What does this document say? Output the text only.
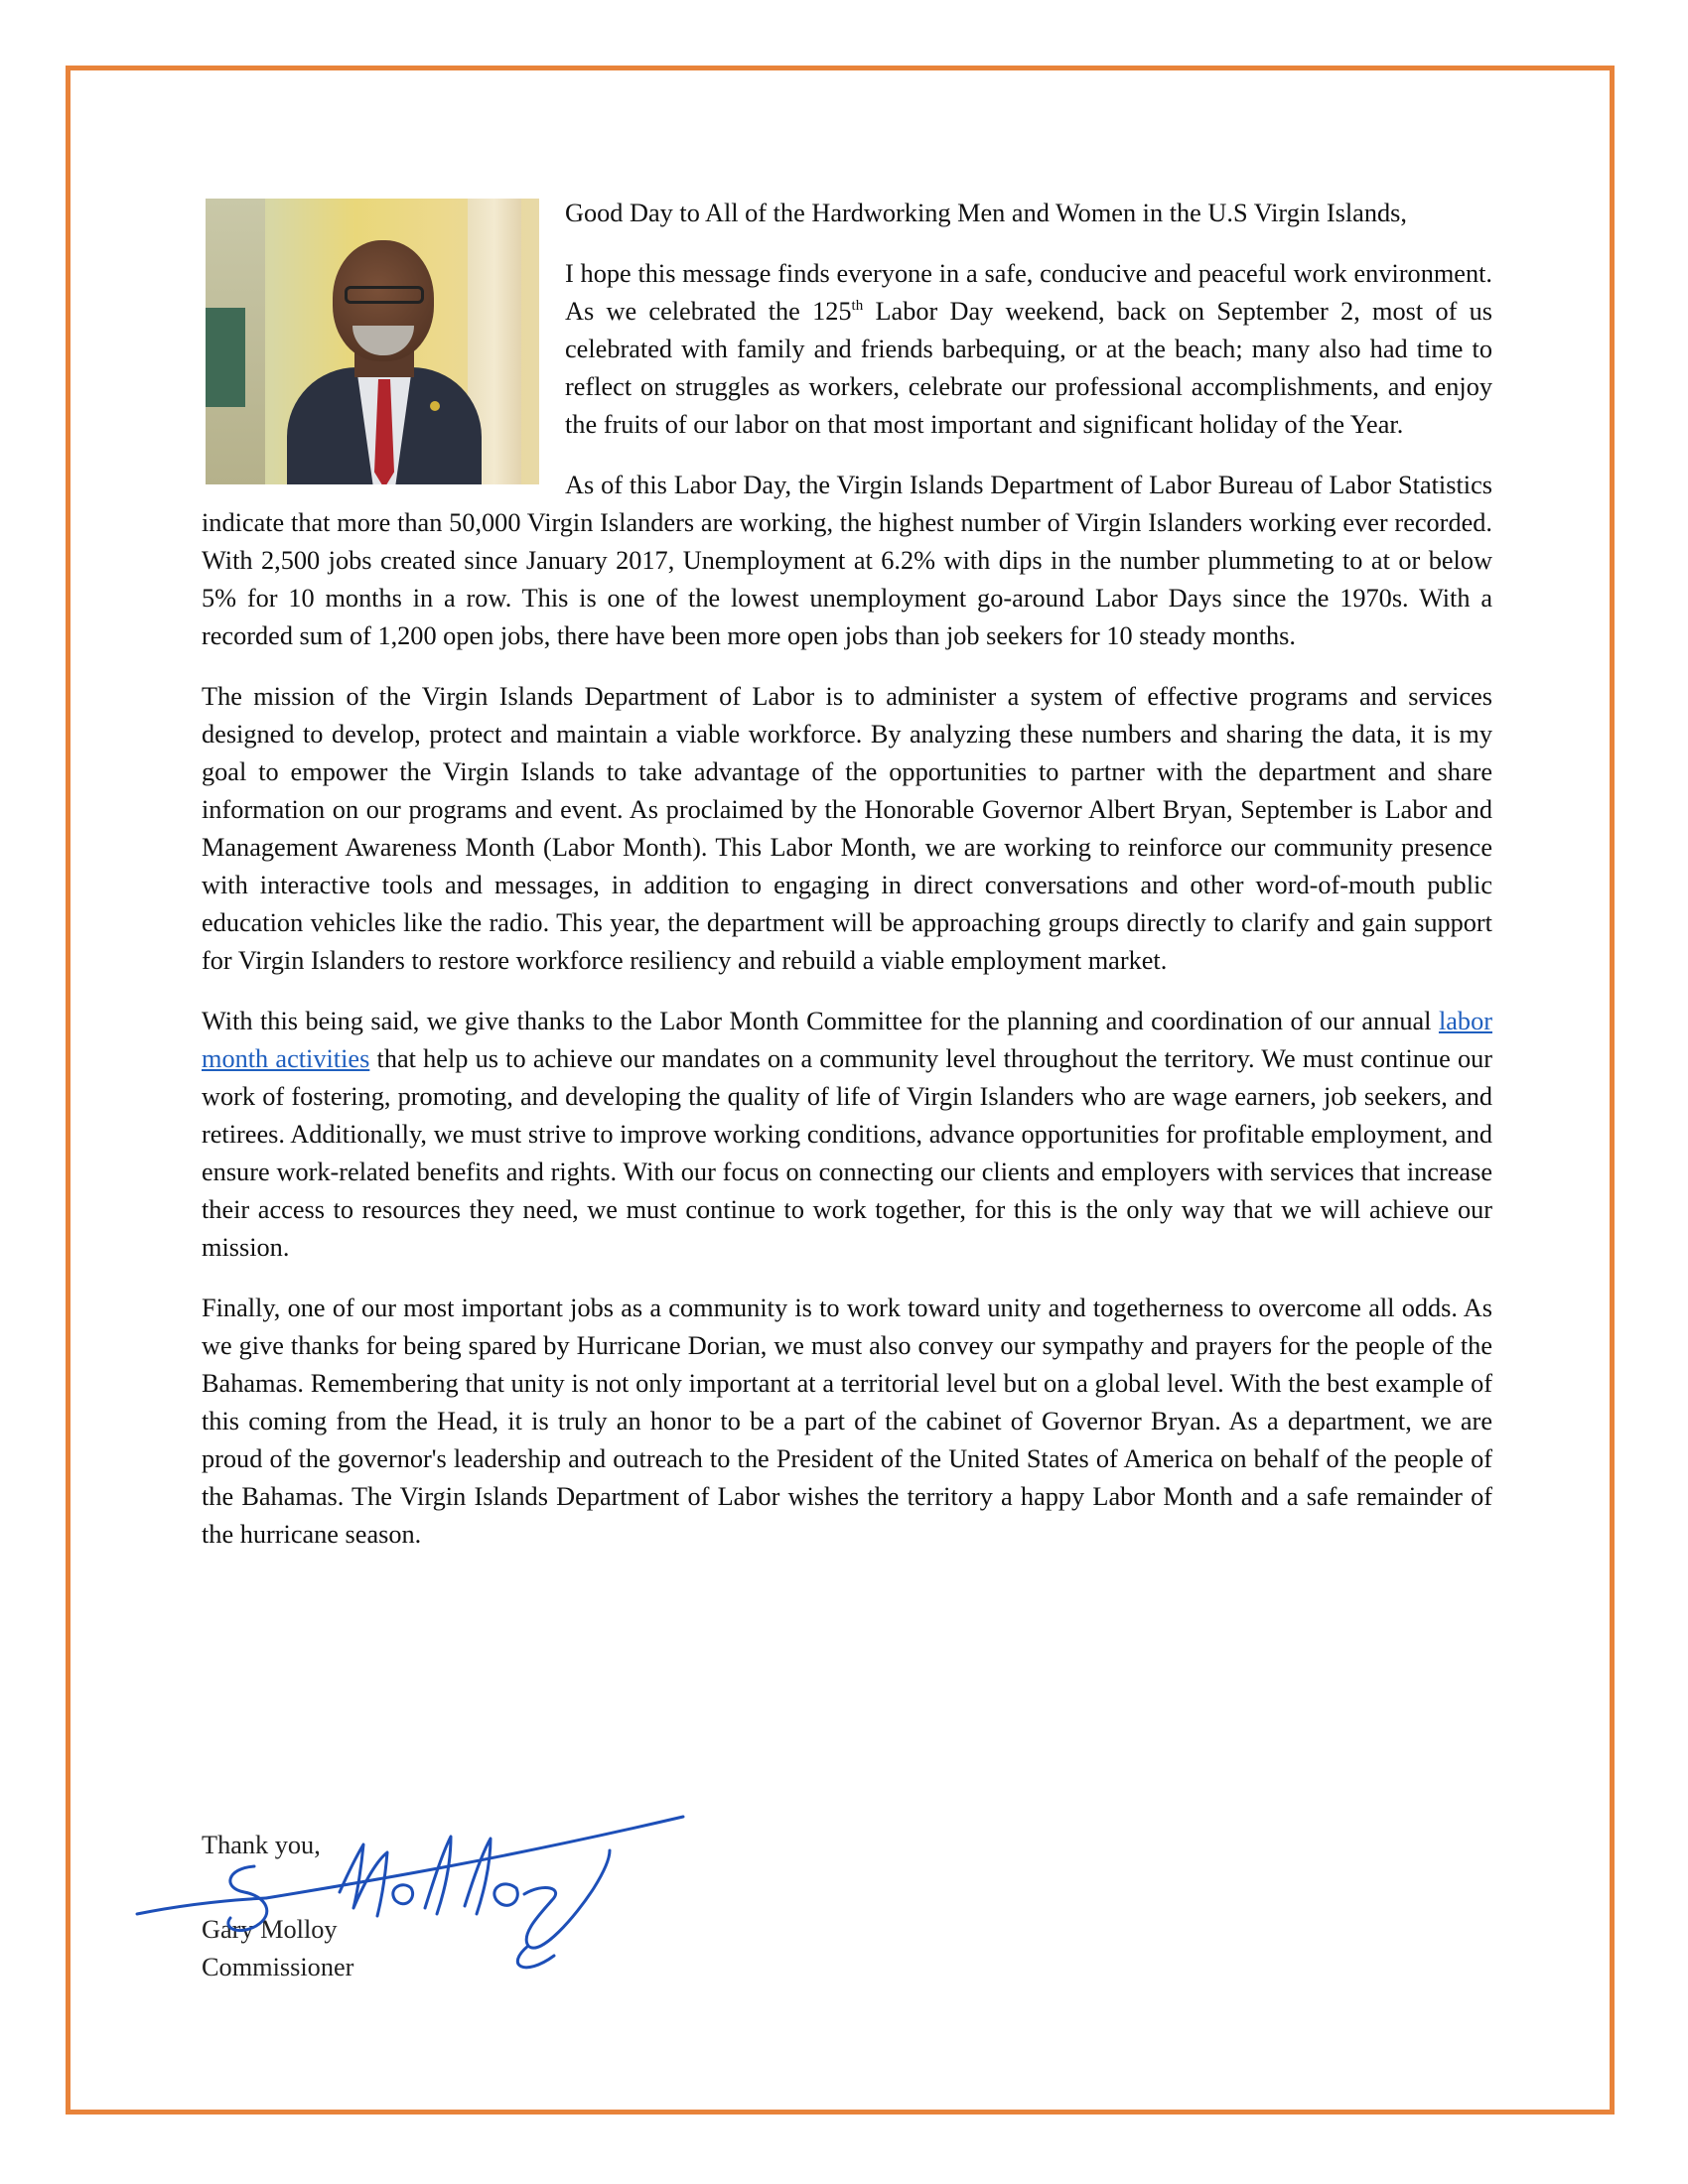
Good Day to All of the Hardworking Men and Women in the U.S Virgin Islands,

I hope this message finds everyone in a safe, conducive and peaceful work environment. As we celebrated the 125th Labor Day weekend, back on September 2, most of us celebrated with family and friends barbequing, or at the beach; many also had time to reflect on struggles as workers, celebrate our professional accomplishments, and enjoy the fruits of our labor on that most important and significant holiday of the Year.

As of this Labor Day, the Virgin Islands Department of Labor Bureau of Labor Statistics indicate that more than 50,000 Virgin Islanders are working, the highest number of Virgin Islanders working ever recorded. With 2,500 jobs created since January 2017, Unemployment at 6.2% with dips in the number plummeting to at or below 5% for 10 months in a row. This is one of the lowest unemployment go-around Labor Days since the 1970s. With a recorded sum of 1,200 open jobs, there have been more open jobs than job seekers for 10 steady months.

The mission of the Virgin Islands Department of Labor is to administer a system of effective programs and services designed to develop, protect and maintain a viable workforce. By analyzing these numbers and sharing the data, it is my goal to empower the Virgin Islands to take advantage of the opportunities to partner with the department and share information on our programs and event. As proclaimed by the Honorable Governor Albert Bryan, September is Labor and Management Awareness Month (Labor Month). This Labor Month, we are working to reinforce our community presence with interactive tools and messages, in addition to engaging in direct conversations and other word-of-mouth public education vehicles like the radio. This year, the department will be approaching groups directly to clarify and gain support for Virgin Islanders to restore workforce resiliency and rebuild a viable employment market.

With this being said, we give thanks to the Labor Month Committee for the planning and coordination of our annual labor month activities that help us to achieve our mandates on a community level throughout the territory. We must continue our work of fostering, promoting, and developing the quality of life of Virgin Islanders who are wage earners, job seekers, and retirees. Additionally, we must strive to improve working conditions, advance opportunities for profitable employment, and ensure work-related benefits and rights. With our focus on connecting our clients and employers with services that increase their access to resources they need, we must continue to work together, for this is the only way that we will achieve our mission.

Finally, one of our most important jobs as a community is to work toward unity and togetherness to overcome all odds. As we give thanks for being spared by Hurricane Dorian, we must also convey our sympathy and prayers for the people of the Bahamas. Remembering that unity is not only important at a territorial level but on a global level. With the best example of this coming from the Head, it is truly an honor to be a part of the cabinet of Governor Bryan. As a department, we are proud of the governor's leadership and outreach to the President of the United States of America on behalf of the people of the Bahamas. The Virgin Islands Department of Labor wishes the territory a happy Labor Month and a safe remainder of the hurricane season.

Thank you,
Gary Molloy
Commissioner
